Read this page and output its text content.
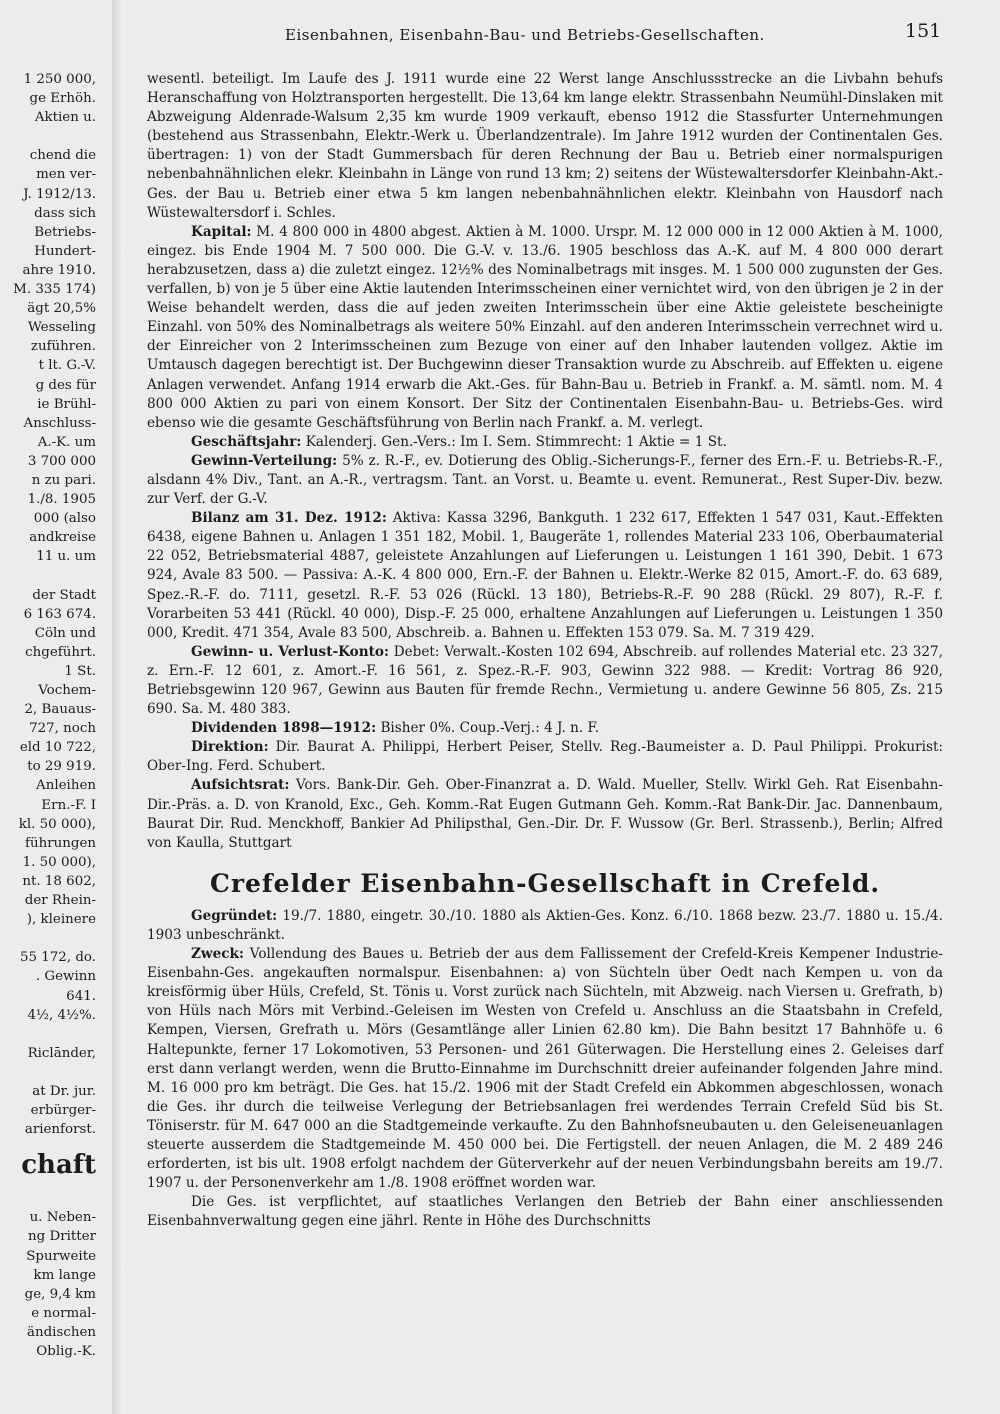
1 250 000,
ge Erhöh.
Aktien u.
chend die
men ver-
J. 1912/13.
dass sich
Betriebs-
Hundert-
ahre 1910.
M. 335 174)
ägt 20,5%
Wesseling
zuführen.
t lt. G.-V.
g des für
ie Brühl-
Anschluss-
A.-K. um
3 700 000
n zu pari.
1./8. 1905
000 (also
andkreise
11 u. um
der Stadt
6 163 674.
Cöln und
chgeführt.
1 St.
Vochem-
2, Bauaus-
727, noch
eld 10 722,
to 29 919.
Anleihen
Ern.-F. I
kl. 50 000),
führungen
1. 50 000),
nt. 18 602,
der Rhein-
), kleinere
55 172, do.
. Gewinn
641.
4½, 4½%.
Riclānder,
at Dr. jur.
erbürger-
arienforst.
chaft
u. Neben-
ng Dritter
Spurweite
km lange
ge, 9,4 km
e normal-
ändischen
Oblig.-K.
Eisenbahnen, Eisenbahn-Bau- und Betriebs-Gesellschaften.	151

wesentl. beteiligt. Im Laufe des J. 1911 wurde eine 22 Werst lange Anschlussstrecke an die Livbahn behufs Heranschaffung von Holztransporten hergestellt. Die 13,64 km lange elektr. Strassenbahn Neumühl-Dinslaken mit Abzweigung Aldenrade-Walsum 2,35 km wurde 1909 verkauft, ebenso 1912 die Stassfurter Unternehmungen (bestehend aus Strassenbahn, Elektr.-Werk u. Überlandzentrale). Im Jahre 1912 wurden der Continentalen Ges. übertragen: 1) von der Stadt Gummersbach für deren Rechnung der Bau u. Betrieb einer normalspurigen nebenbahnähnlichen elekr. Kleinbahn in Länge von rund 13 km; 2) seitens der Wüstewaltersdorfer Kleinbahn-Akt.-Ges. der Bau u. Betrieb einer etwa 5 km langen nebenbahnähnlichen elektr. Kleinbahn von Hausdorf nach Wüstewaltersdorf i. Schles.

Kapital: M. 4 800 000 in 4800 abgest. Aktien à M. 1000. Urspr. M. 12 000 000 in 12 000 Aktien à M. 1000, eingez. bis Ende 1904 M. 7 500 000. Die G.-V. v. 13./6. 1905 beschloss das A.-K. auf M. 4 800 000 derart herabzusetzen, dass a) die zuletzt eingez. 12½% des Nominalbetrags mit insges. M. 1 500 000 zugunsten der Ges. verfallen, b) von je 5 über eine Aktie lautenden Interimsscheinen einer vernichtet wird, von den übrigen je 2 in der Weise behandelt werden, dass die auf jeden zweiten Interimsschein über eine Aktie geleistete bescheinigte Einzahl. von 50% des Nominalbetrags als weitere 50% Einzahl. auf den anderen Interimsschein verrechnet wird u. der Einreicher von 2 Interimsscheinen zum Bezuge von einer auf den Inhaber lautenden vollgez. Aktie im Umtausch dagegen berechtigt ist. Der Buchgewinn dieser Transaktion wurde zu Abschreib. auf Effekten u. eigene Anlagen verwendet. Anfang 1914 erwarb die Akt.-Ges. für Bahn-Bau u. Betrieb in Frankf. a. M. sämtl. nom. M. 4 800 000 Aktien zu pari von einem Konsort. Der Sitz der Continentalen Eisenbahn-Bau- u. Betriebs-Ges. wird ebenso wie die gesamte Geschäftsführung von Berlin nach Frankf. a. M. verlegt.

Geschäftsjahr: Kalenderj. Gen.-Vers.: Im I. Sem. Stimmrecht: 1 Aktie = 1 St.

Gewinn-Verteilung: 5% z. R.-F., ev. Dotierung des Oblig.-Sicherungs-F., ferner des Ern.-F. u. Betriebs-R.-F., alsdann 4% Div., Tant. an A.-R., vertragsm. Tant. an Vorst. u. Beamte u. event. Remunerat., Rest Super-Div. bezw. zur Verf. der G.-V.

Bilanz am 31. Dez. 1912: Aktiva: Kassa 3296, Bankguth. 1 232 617, Effekten 1 547 031, Kaut.-Effekten 6438, eigene Bahnen u. Anlagen 1 351 182, Mobil. 1, Baugeräte 1, rollendes Material 233 106, Oberbaumaterial 22 052, Betriebsmaterial 4887, geleistete Anzahlungen auf Lieferungen u. Leistungen 1 161 390, Debit. 1 673 924, Avale 83 500. — Passiva: A.-K. 4 800 000, Ern.-F. der Bahnen u. Elektr.-Werke 82 015, Amort.-F. do. 63 689, Spez.-R.-F. do. 7111, gesetzl. R.-F. 53 026 (Rückl. 13 180), Betriebs-R.-F. 90 288 (Rückl. 29 807), R.-F. f. Vorarbeiten 53 441 (Rückl. 40 000), Disp.-F. 25 000, erhaltene Anzahlungen auf Lieferungen u. Leistungen 1 350 000, Kredit. 471 354, Avale 83 500, Abschreib. a. Bahnen u. Effekten 153 079. Sa. M. 7 319 429.

Gewinn- u. Verlust-Konto: Debet: Verwalt.-Kosten 102 694, Abschreib. auf rollendes Material etc. 23 327, z. Ern.-F. 12 601, z. Amort.-F. 16 561, z. Spez.-R.-F. 903, Gewinn 322 988. — Kredit: Vortrag 86 920, Betriebsgewinn 120 967, Gewinn aus Bauten für fremde Rechn., Vermietung u. andere Gewinne 56 805, Zs. 215 690. Sa. M. 480 383.

Dividenden 1898—1912: Bisher 0%. Coup.-Verj.: 4 J. n. F.

Direktion: Dir. Baurat A. Philippi, Herbert Peiser, Stellv. Reg.-Baumeister a. D. Paul Philippi. Prokurist: Ober-Ing. Ferd. Schubert.

Aufsichtsrat: Vors. Bank-Dir. Geh. Ober-Finanzrat a. D. Wald. Mueller, Stellv. Wirkl Geh. Rat Eisenbahn-Dir.-Präs. a. D. von Kranold, Exc., Geh. Komm.-Rat Eugen Gutmann Geh. Komm.-Rat Bank-Dir. Jac. Dannenbaum, Baurat Dir. Rud. Menckhoff, Bankier Ad Philipsthal, Gen.-Dir. Dr. F. Wussow (Gr. Berl. Strassenb.), Berlin; Alfred von Kaulla, Stuttgart

Crefelder Eisenbahn-Gesellschaft in Crefeld.

Gegründet: 19./7. 1880, eingetr. 30./10. 1880 als Aktien-Ges. Konz. 6./10. 1868 bezw. 23./7. 1880 u. 15./4. 1903 unbeschränkt.

Zweck: Vollendung des Baues u. Betrieb der aus dem Fallissement der Crefeld-Kreis Kempener Industrie-Eisenbahn-Ges. angekauften normalspur. Eisenbahnen: a) von Süchteln über Oedt nach Kempen u. von da kreisförmig über Hüls, Crefeld, St. Tönis u. Vorst zurück nach Süchteln, mit Abzweig. nach Viersen u. Grefrath, b) von Hüls nach Mörs mit Verbind.-Geleisen im Westen von Crefeld u. Anschluss an die Staatsbahn in Crefeld, Kempen, Viersen, Grefrath u. Mörs (Gesamtlänge aller Linien 62.80 km). Die Bahn besitzt 17 Bahnhöfe u. 6 Haltepunkte, ferner 17 Lokomotiven, 53 Personen- und 261 Güterwagen. Die Herstellung eines 2. Geleises darf erst dann verlangt werden, wenn die Brutto-Einnahme im Durchschnitt dreier aufeinander folgenden Jahre mind. M. 16 000 pro km beträgt. Die Ges. hat 15./2. 1906 mit der Stadt Crefeld ein Abkommen abgeschlossen, wonach die Ges. ihr durch die teilweise Verlegung der Betriebsanlagen frei werdendes Terrain Crefeld Süd bis St. Töniserstr. für M. 647 000 an die Stadtgemeinde verkaufte. Zu den Bahnhofsneubauten u. den Geleiseneuanlagen steuerte ausserdem die Stadtgemeinde M. 450 000 bei. Die Fertigstell. der neuen Anlagen, die M. 2 489 246 erforderten, ist bis ult. 1908 erfolgt nachdem der Güterverkehr auf der neuen Verbindungsbahn bereits am 19./7. 1907 u. der Personenverkehr am 1./8. 1908 eröffnet worden war.

Die Ges. ist verpflichtet, auf staatliches Verlangen den Betrieb der Bahn einer anschliessenden Eisenbahnverwaltung gegen eine jährl. Rente in Höhe des Durchschnitts
